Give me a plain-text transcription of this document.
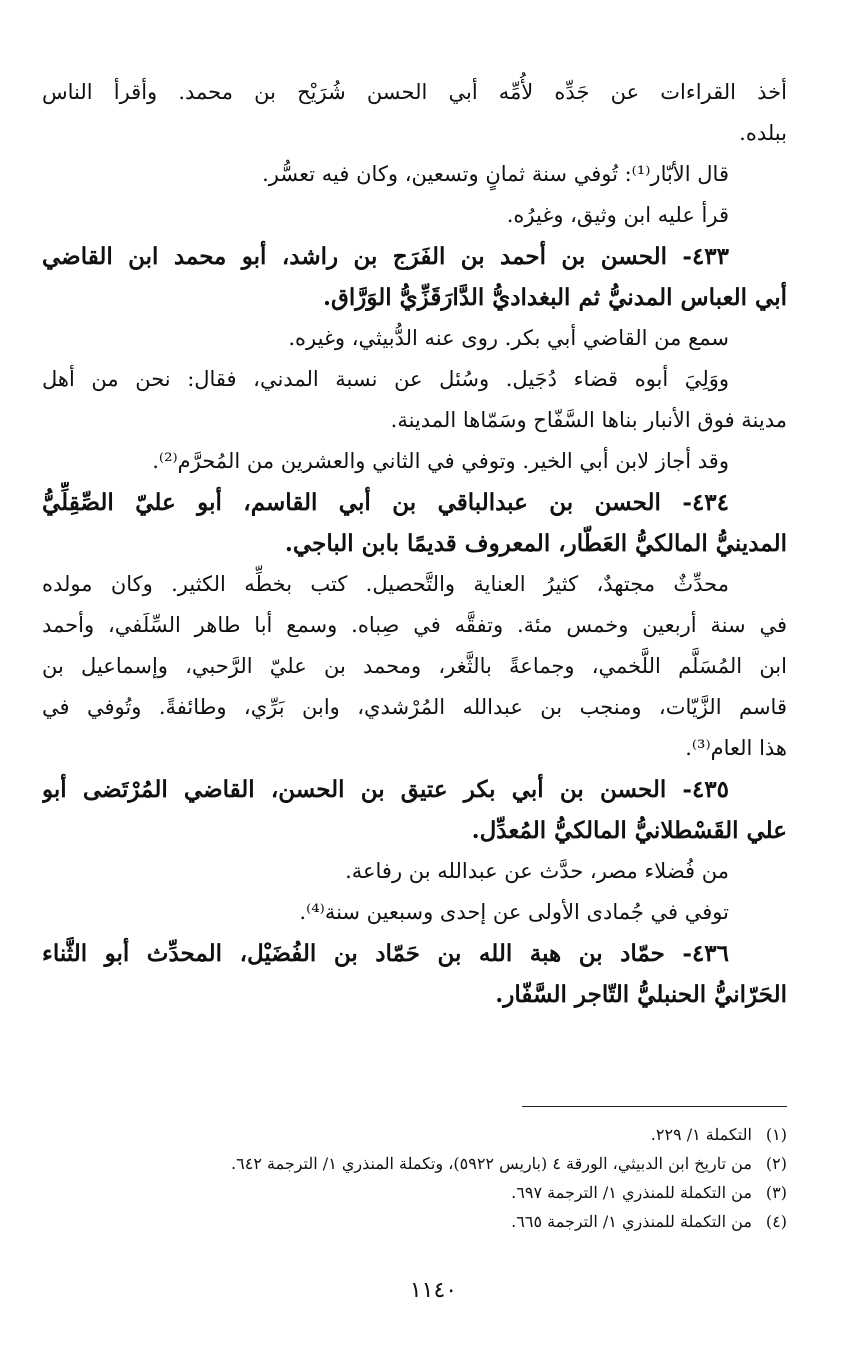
أخذ القراءات عن جَدِّه لأُمِّه أبي الحسن شُرَيْح بن محمد. وأقرأ الناس
ببلده.
قال الأبّار⁽¹⁾: تُوفي سنة ثمانٍ وتسعين، وكان فيه تعسُّر.
قرأ عليه ابن وثيق، وغيرُه.
٤٣٣- الحسن بن أحمد بن الفَرَج بن راشد، أبو محمد ابن القاضي
أبي العباس المدنيُّ ثم البغداديُّ الدَّارَقَزِّيُّ الوَرَّاق.
سمع من القاضي أبي بكر. روى عنه الدُّبيثي، وغيره.
ووَلِيَ أبوه قضاء دُجَيل. وسُئل عن نسبة المدني، فقال: نحن من أهل
مدينة فوق الأنبار بناها السَّفّاح وسَمّاها المدينة.
وقد أجاز لابن أبي الخير. وتوفي في الثاني والعشرين من المُحرَّم⁽²⁾.
٤٣٤- الحسن بن عبدالباقي بن أبي القاسم، أبو عليّ الصِّقِلِّيُّ
المدينيُّ المالكيُّ العَطّار، المعروف قديمًا بابن الباجي.
محدِّثٌ مجتهدٌ، كثيرُ العناية والتَّحصيل. كتب بخطِّه الكثير. وكان مولده
في سنة أربعين وخمس مئة. وتفقَّه في صِباه. وسمع أبا طاهر السِّلَفي، وأحمد
ابن المُسَلَّم اللَّخمي، وجماعةً بالثَّغر، ومحمد بن عليّ الرَّحبي، وإسماعيل بن
قاسم الزَّيّات، ومنجب بن عبدالله المُرْشدي، وابن بَرِّي، وطائفةً. وتُوفي في
هذا العام⁽³⁾.
٤٣٥- الحسن بن أبي بكر عتيق بن الحسن، القاضي المُرْتَضى أبو
علي القَسْطلانيُّ المالكيُّ المُعدِّل.
من فُضلاء مصر، حدَّث عن عبدالله بن رفاعة.
توفي في جُمادى الأولى عن إحدى وسبعين سنة⁽⁴⁾.
٤٣٦- حمّاد بن هبة الله بن حَمّاد بن الفُضَيْل، المحدِّث أبو الثَّناء
الحَرّانيُّ الحنبليُّ التّاجر السَّفّار.
(١)التكملة ١/ ٢٢٩.
(٢)من تاريخ ابن الدبيثي، الورقة ٤ (باريس ٥٩٢٢)، وتكملة المنذري ١/ الترجمة ٦٤٢.
(٣)من التكملة للمنذري ١/ الترجمة ٦٩٧.
(٤)من التكملة للمنذري ١/ الترجمة ٦٦٥.
١١٤٠
